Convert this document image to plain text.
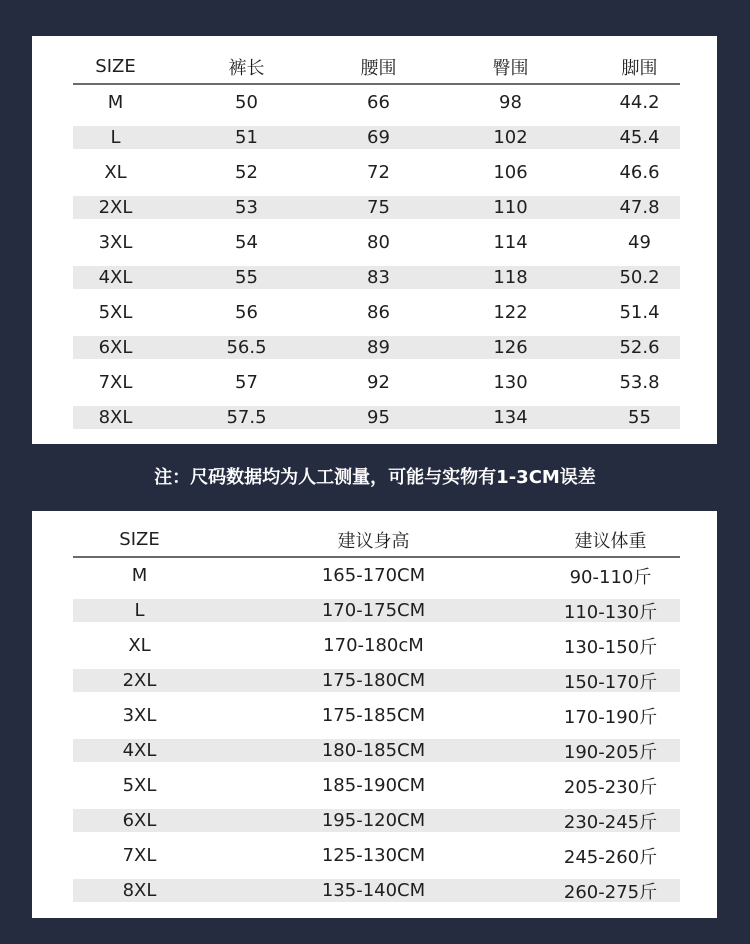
SIZE	裤长	腰围	臀围	脚围
M	50	66	98	44.2
L	51	69	102	45.4
XL	52	72	106	46.6
2XL	53	75	110	47.8
3XL	54	80	114	49
4XL	55	83	118	50.2
5XL	56	86	122	51.4
6XL	56.5	89	126	52.6
7XL	57	92	130	53.8
8XL	57.5	95	134	55
注：尺码数据均为人工测量，可能与实物有1-3CM误差
SIZE	建议身高	建议体重
M	165-170CM	90-110斤
L	170-175CM	110-130斤
XL	170-180cM	130-150斤
2XL	175-180CM	150-170斤
3XL	175-185CM	170-190斤
4XL	180-185CM	190-205斤
5XL	185-190CM	205-230斤
6XL	195-120CM	230-245斤
7XL	125-130CM	245-260斤
8XL	135-140CM	260-275斤
